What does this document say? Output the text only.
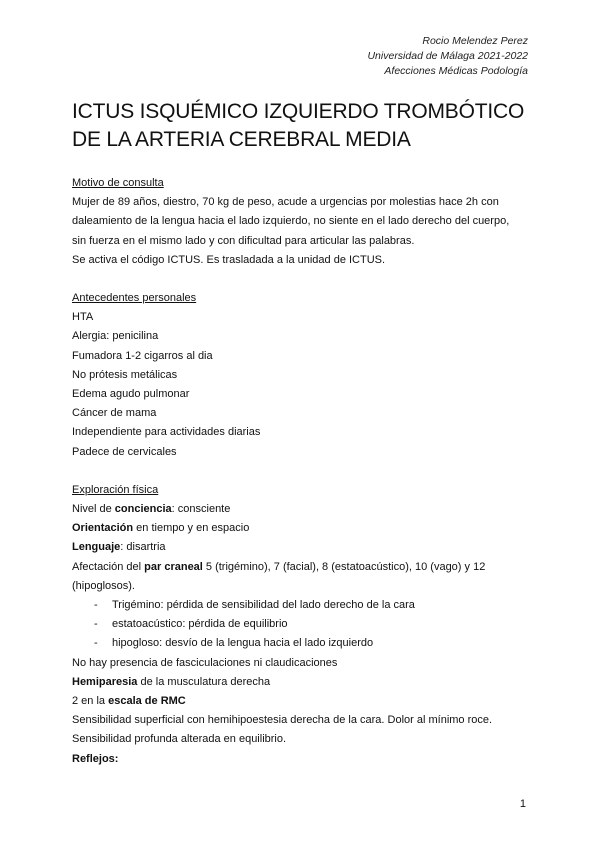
Rocio Melendez Perez
Universidad de Málaga 2021-2022
Afecciones Médicas Podología
ICTUS ISQUÉMICO IZQUIERDO TROMBÓTICO
DE LA ARTERIA CEREBRAL MEDIA

Motivo de consulta

Mujer de 89 años, diestro, 70 kg de peso, acude a urgencias por molestias hace 2h con

daleamiento de la lengua hacia el lado izquierdo, no siente en el lado derecho del cuerpo,

sin fuerza en el mismo lado y con dificultad para articular las palabras.

Se activa el código ICTUS. Es trasladada a la unidad de ICTUS.

Antecedentes personales

HTA

Alergia: penicilina

Fumadora 1-2 cigarros al dia

No prótesis metálicas

Edema agudo pulmonar

Cáncer de mama

Independiente para actividades diarias

Padece de cervicales

Exploración física

Nivel de conciencia: consciente

Orientación en tiempo y en espacio

Lenguaje: disartria

Afectación del par craneal 5 (trigémino), 7 (facial), 8 (estatoacústico), 10 (vago) y 12

(hipoglosos).

- Trigémino: pérdida de sensibilidad del lado derecho de la cara
- estatoacústico: pérdida de equilibrio
- hipogloso: desvío de la lengua hacia el lado izquierdo

No hay presencia de fasciculaciones ni claudicaciones

Hemiparesia de la musculatura derecha

2 en la escala de RMC

Sensibilidad superficial con hemihipoestesia derecha de la cara. Dolor al mínimo roce.

Sensibilidad profunda alterada en equilibrio.

Reflejos:

1
